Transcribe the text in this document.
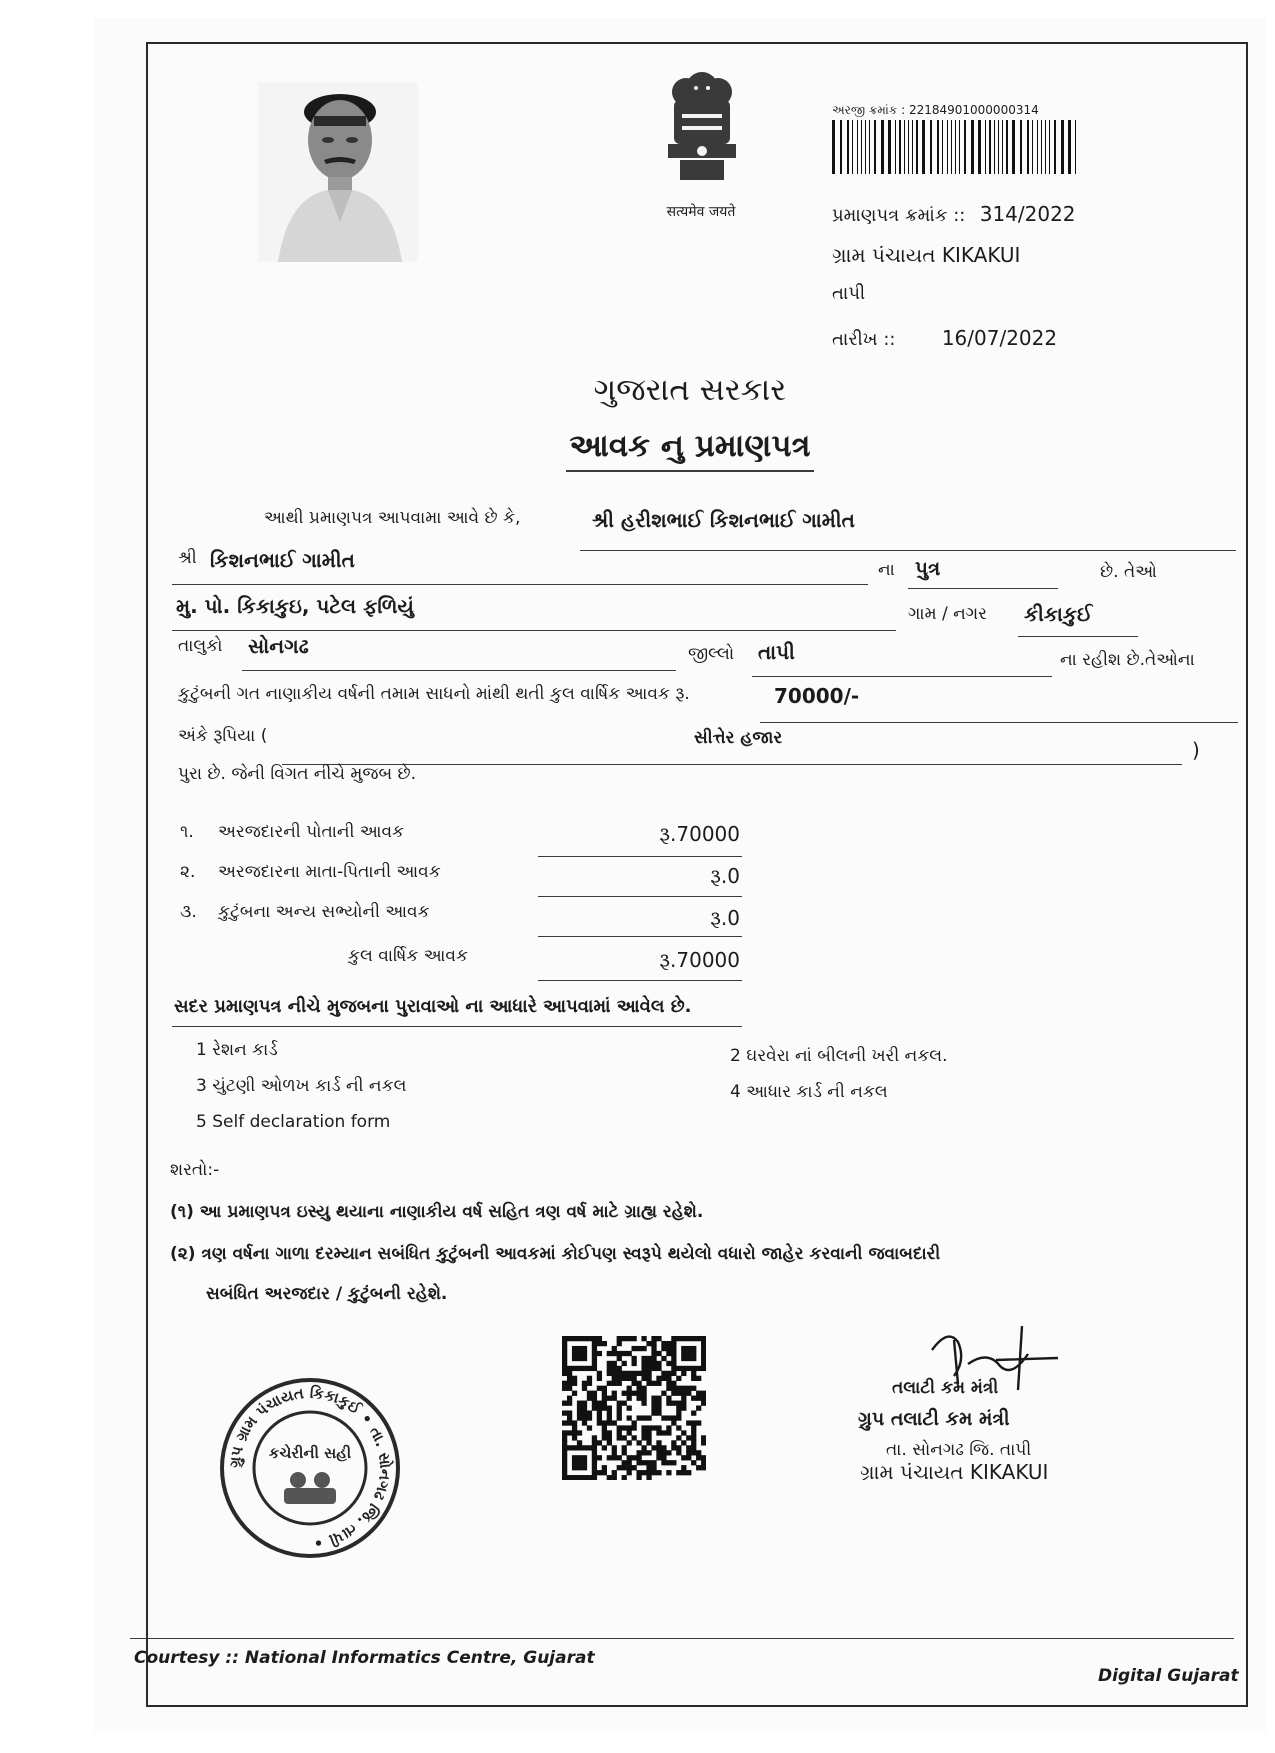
सत्यमेव जयते
અરજી ક્રમાંક : 22184901000000314
પ્રમાણપત્ર ક્રમાંક :: 314/2022
ગ્રામ પંચાયત KIKAKUI
તાપી
તારીખ :: 16/07/2022
ગુજરાત સરકાર
આવક નુ પ્રમાણપત્ર
આથી પ્રમાણપત્ર આપવામા આવે છે કે,	શ્રી હરીશભાઈ કિશનભાઈ ગામીત
શ્રી કિશનભાઈ ગામીત	ના પુત્ર	છે. તેઓ
મુ. પો. કિકાકુઇ, પટેલ ફળિયું	ગામ / નગર કીકાકુઈ
તાલુકો સોનગઢ	જીલ્લો તાપી	ના રહીશ છે.તેઓના
કુટુંબની ગત નાણાકીય વર્ષની તમામ સાધનો માંથી થતી કુલ વાર્ષિક આવક રૂ.	70000/-
અંકે રૂપિયા (	સીત્તેર હજાર	)
પુરા છે. જેની વિગત નીચે મુજબ છે.
૧. અરજદારની પોતાની આવક	રૂ.70000
૨. અરજદારના માતા-પિતાની આવક	રૂ.0
૩. કુટુંબના અન્ય સભ્યોની આવક	રૂ.0
કુલ વાર્ષિક આવક	રૂ.70000
સદર પ્રમાણપત્ર નીચે મુજબના પુરાવાઓ ના આધારે આપવામાં આવેલ છે.
1 રેશન કાર્ડ	2 ઘરવેરા નાં બીલની ખરી નકલ.
3 ચુંટણી ઓળખ કાર્ડ ની નકલ	4 આધાર કાર્ડ ની નકલ
5 Self declaration form
શરતો:-
(૧) આ પ્રમાણપત્ર ઇસ્યુ થયાના નાણાકીય વર્ષ સહિત ત્રણ વર્ષ માટે ગ્રાહ્ય રહેશે.
(૨) ત્રણ વર્ષના ગાળા દરમ્યાન સબંધિત કુટુંબની આવકમાં કોઈપણ સ્વરૂપે થયેલો વધારો જાહેર કરવાની જવાબદારી
સબંધિત અરજદાર / કુટુંબની રહેશે.
ગ્રુપ ગ્રામ પંચાયત કિકાકુઈ • તા. સોનગઢ જિ. તાપી •
કચેરીની સહી
તલાટી કમ મંત્રી
ગ્રુપ તલાટી કમ મંત્રી
તા. સોનગઢ જિ. તાપી
ગ્રામ પંચાયત KIKAKUI
Courtesy :: National Informatics Centre, Gujarat
Digital Gujarat
